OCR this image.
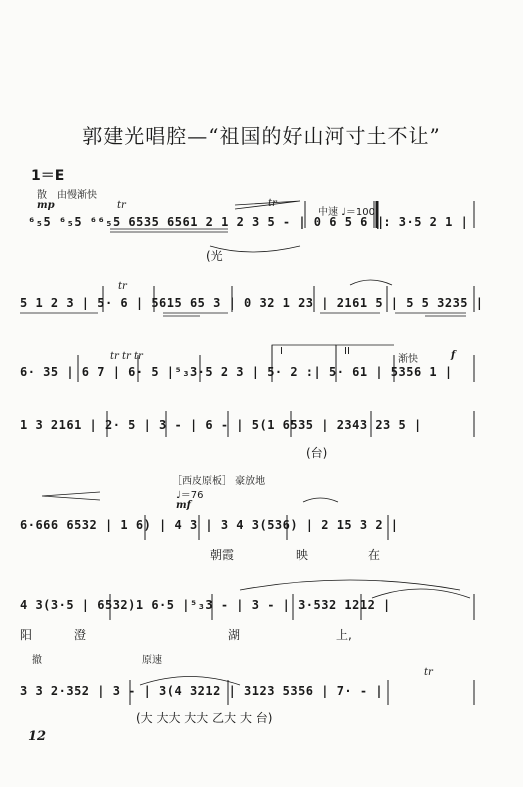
郭建光唱腔—“祖国的好山河寸土不让”
1＝E
散　由慢渐快
mp	tr	tr
中速 ♩＝100
⁶₅5 ⁶₅5 ⁶⁶₅5 6535 6561 2 1 2 3 5 - | 0 6 5 6 ‖: 3·5 2 1 |
(光
tr
5 1 2 3 | 5· 6 | 5615 65 3 | 0 32 1 23 | 2161 5 | 5 5 3235 |
tr tr tr	I	II
渐快	f
6· 35 | 6 7 | 6· 5 |⁵₃3·5 2 3 | 5· 2 :| 5· 61 | 5356 1 |
1 3 2161 | 2· 5 | 3 - | 6 - | 5(1 6535 | 2343 23 5 |
(台)
［西皮原板］ 豪放地
♩＝76
mf
6·666 6532 | 1 6) | 4 3 | 3 4 3(536) | 2 15 3 2 |
朝霞	映	在
4 3(3·5 | 6532)1 6·5 |⁵₃3 - | 3 - | 3·532 1212 |
阳	澄	湖	上,
撤	原速
tr
3 3 2·352 | 3 - | 3(4 3212 | 3123 5356 | 7· - |
(大 大大 大大 乙大 大 台)
12
